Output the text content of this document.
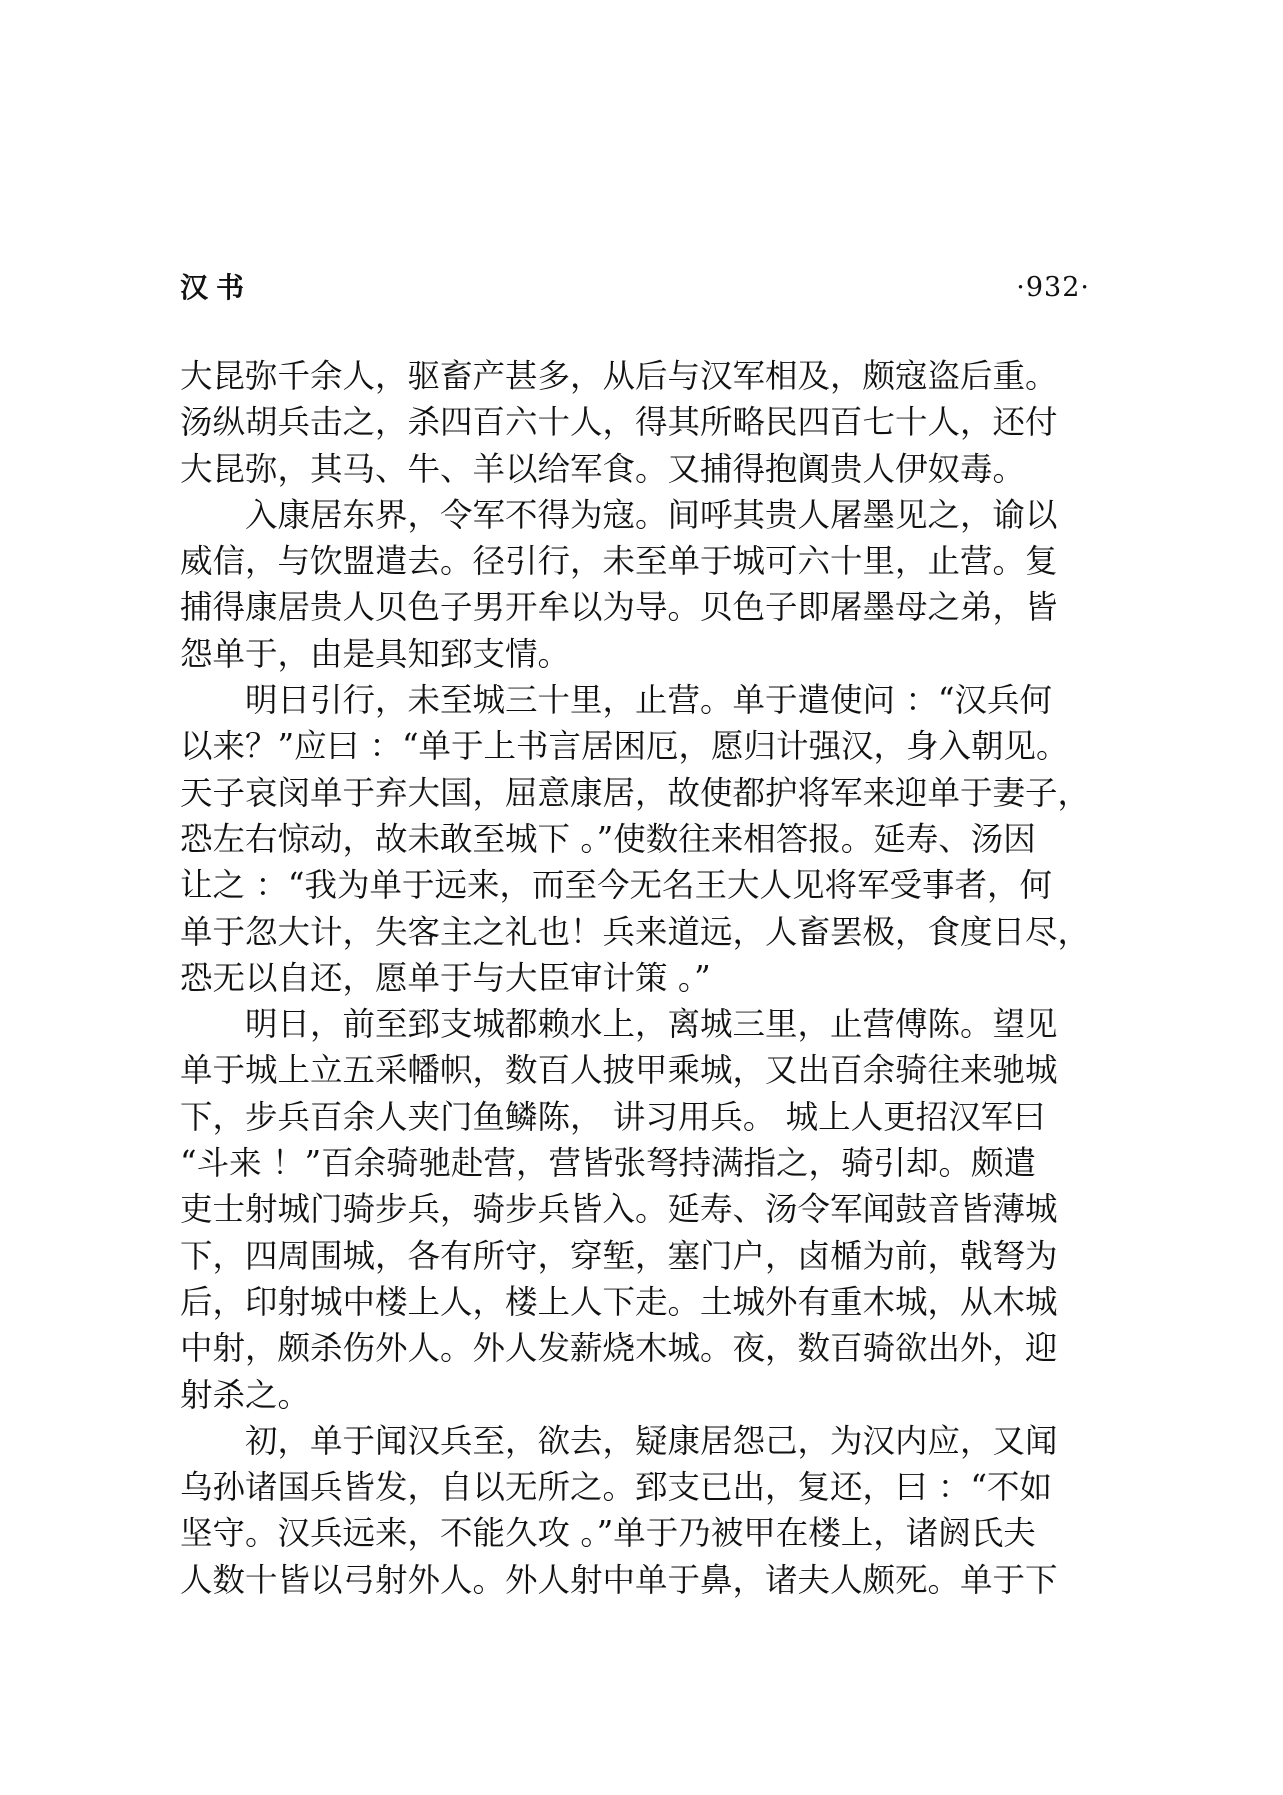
汉书	·932·
大昆弥千余人，驱畜产甚多，从后与汉军相及，颇寇盗后重。
汤纵胡兵击之，杀四百六十人，得其所略民四百七十人，还付
大昆弥，其马、牛、羊以给军食。又捕得抱阗贵人伊奴毒。
入康居东界，令军不得为寇。间呼其贵人屠墨见之，谕以
威信，与饮盟遣去。径引行，未至单于城可六十里，止营。复
捕得康居贵人贝色子男开牟以为导。贝色子即屠墨母之弟，皆
怨单于，由是具知郅支情。
明日引行，未至城三十里，止营。单于遣使问 ：“汉兵何
以来？”应曰 ：“单于上书言居困厄，愿归计强汉，身入朝见。
天子哀闵单于弃大国，屈意康居，故使都护将军来迎单于妻子，
恐左右惊动，故未敢至城下 。”使数往来相答报。延寿、汤因
让之 ：“我为单于远来，而至今无名王大人见将军受事者，何
单于忽大计，失客主之礼也！兵来道远，人畜罢极，食度日尽，
恐无以自还，愿单于与大臣审计策 。”
明日，前至郅支城都赖水上，离城三里，止营傅陈。望见
单于城上立五采幡帜，数百人披甲乘城，又出百余骑往来驰城
下，步兵百余人夹门鱼鳞陈， 讲习用兵。 城上人更招汉军曰
“斗来 ！”百余骑驰赴营，营皆张弩持满指之，骑引却。颇遣
吏士射城门骑步兵，骑步兵皆入。延寿、汤令军闻鼓音皆薄城
下，四周围城，各有所守，穿堑，塞门户，卤楯为前，戟弩为
后，印射城中楼上人，楼上人下走。土城外有重木城，从木城
中射，颇杀伤外人。外人发薪烧木城。夜，数百骑欲出外，迎
射杀之。
初，单于闻汉兵至，欲去，疑康居怨己，为汉内应，又闻
乌孙诸国兵皆发，自以无所之。郅支已出，复还，曰 ：“不如
坚守。汉兵远来，不能久攻 。”单于乃被甲在楼上，诸阏氏夫
人数十皆以弓射外人。外人射中单于鼻，诸夫人颇死。单于下
